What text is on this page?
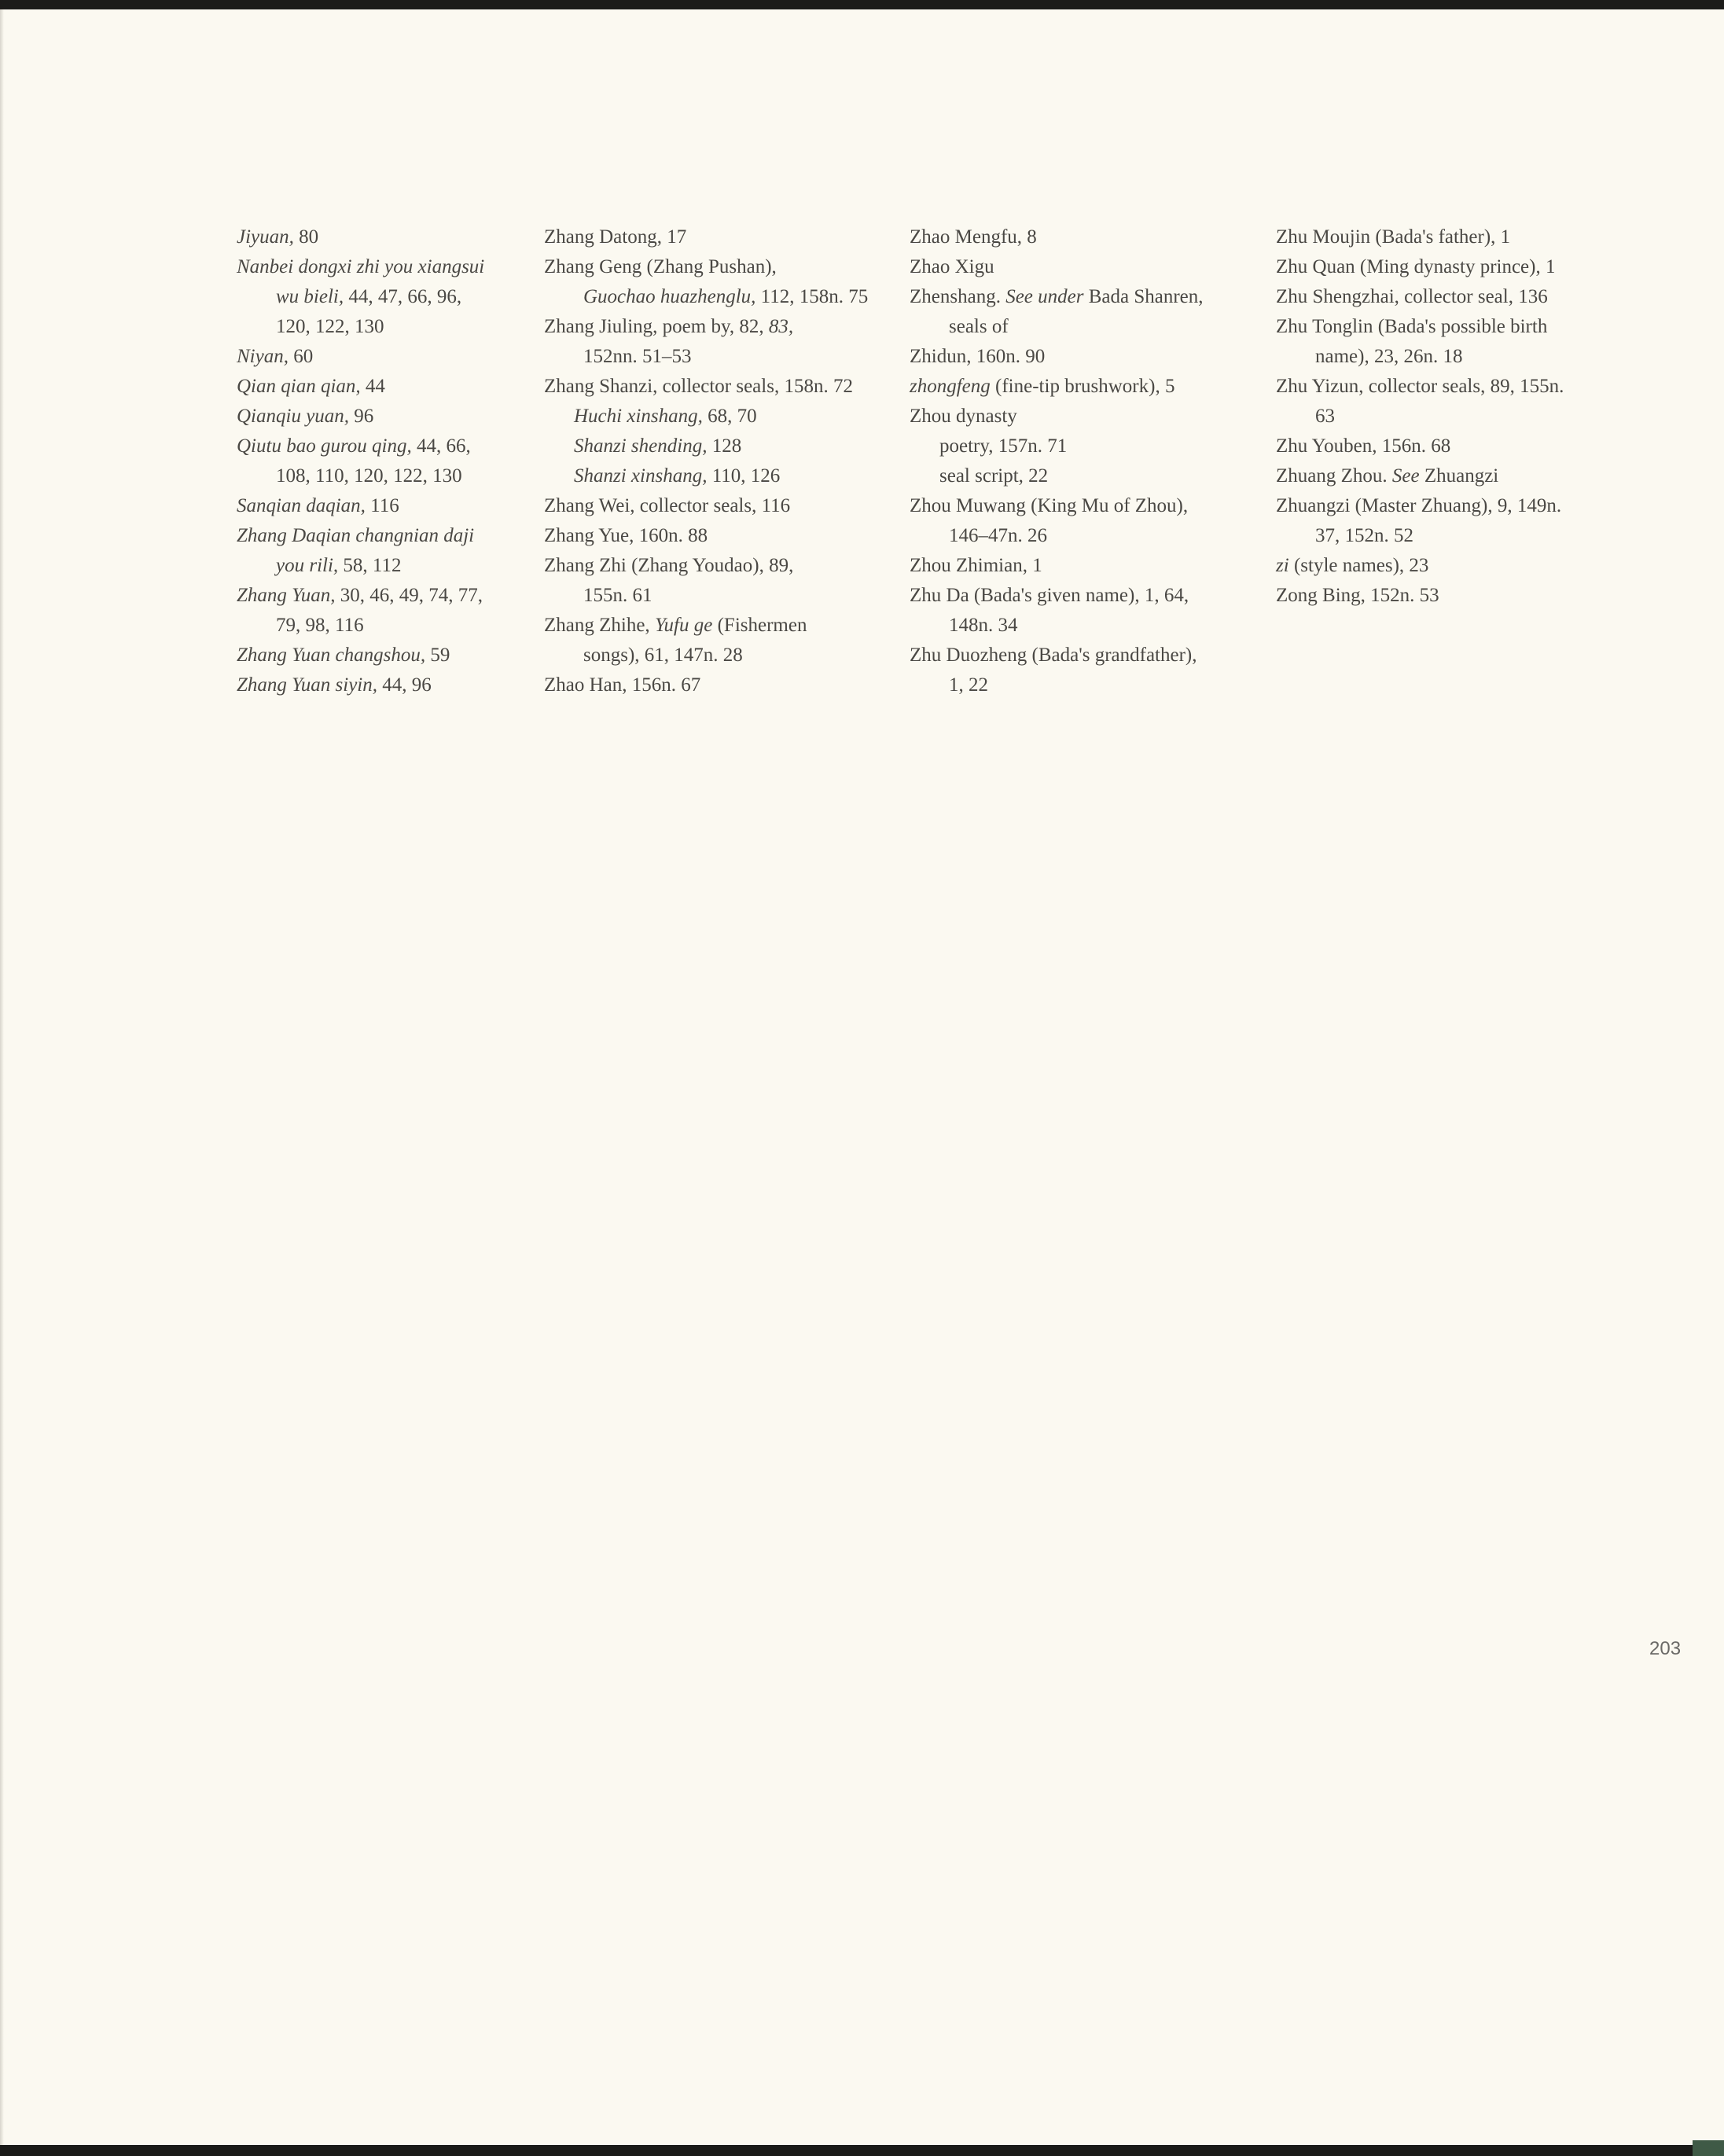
Jiyuan, 80
Nanbei dongxi zhi you xiangsui
wu bieli, 44, 47, 66, 96,
120, 122, 130
Niyan, 60
Qian qian qian, 44
Qianqiu yuan, 96
Qiutu bao gurou qing, 44, 66,
108, 110, 120, 122, 130
Sanqian daqian, 116
Zhang Daqian changnian daji
you rili, 58, 112
Zhang Yuan, 30, 46, 49, 74, 77,
79, 98, 116
Zhang Yuan changshou, 59
Zhang Yuan siyin, 44, 96
Zhang Datong, 17
Zhang Geng (Zhang Pushan),
Guochao huazhenglu, 112, 158n. 75
Zhang Jiuling, poem by, 82, 83,
152nn. 51–53
Zhang Shanzi, collector seals, 158n. 72
Huchi xinshang, 68, 70
Shanzi shending, 128
Shanzi xinshang, 110, 126
Zhang Wei, collector seals, 116
Zhang Yue, 160n. 88
Zhang Zhi (Zhang Youdao), 89,
155n. 61
Zhang Zhihe, Yufu ge (Fishermen
songs), 61, 147n. 28
Zhao Han, 156n. 67
Zhao Mengfu, 8
Zhao Xigu
Zhenshang. See under Bada Shanren,
seals of
Zhidun, 160n. 90
zhongfeng (fine-tip brushwork), 5
Zhou dynasty
poetry, 157n. 71
seal script, 22
Zhou Muwang (King Mu of Zhou),
146–47n. 26
Zhou Zhimian, 1
Zhu Da (Bada's given name), 1, 64,
148n. 34
Zhu Duozheng (Bada's grandfather),
1, 22
Zhu Moujin (Bada's father), 1
Zhu Quan (Ming dynasty prince), 1
Zhu Shengzhai, collector seal, 136
Zhu Tonglin (Bada's possible birth
name), 23, 26n. 18
Zhu Yizun, collector seals, 89, 155n.
63
Zhu Youben, 156n. 68
Zhuang Zhou. See Zhuangzi
Zhuangzi (Master Zhuang), 9, 149n.
37, 152n. 52
zi (style names), 23
Zong Bing, 152n. 53
203
